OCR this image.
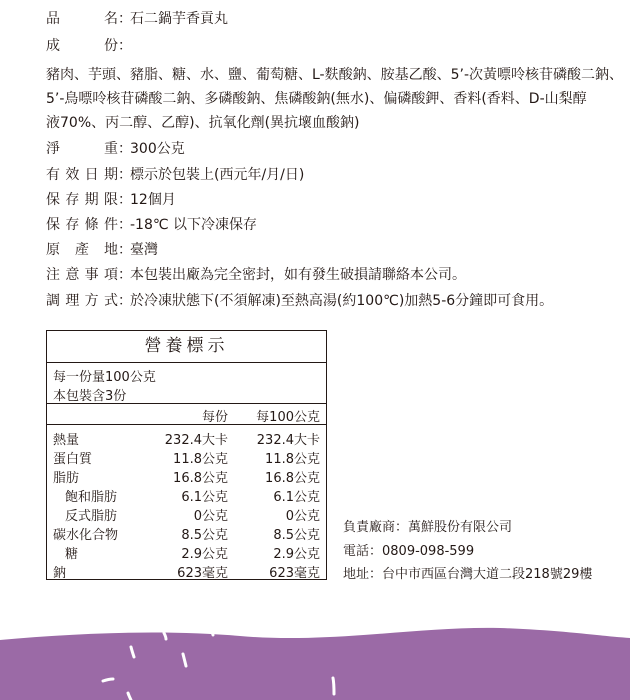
品名：石二鍋芋香貢丸
成份：
豬肉、芋頭、豬脂、糖、水、鹽、葡萄糖、L-麩酸鈉、胺基乙酸、5’-次黃嘌呤核苷磷酸二鈉、
5’-鳥嘌呤核苷磷酸二鈉、多磷酸鈉、焦磷酸鈉(無水)、偏磷酸鉀、香料(香料、D-山梨醇
液70%、丙二醇、乙醇)、抗氧化劑(異抗壞血酸鈉)
淨重：300公克
有效日期：標示於包裝上(西元年/月/日)
保存期限：12個月
保存條件：-18℃ 以下冷凍保存
原產地：臺灣
注意事項：本包裝出廠為完全密封，如有發生破損請聯絡本公司。
調理方式：於冷凍狀態下(不須解凍)至熱高湯(約100℃)加熱5-6分鐘即可食用。
營養標示
每一份量100公克
本包裝含3份
每份 每100公克
熱量	232.4大卡 232.4大卡
蛋白質	11.8公克	11.8公克
脂肪	16.8公克	16.8公克
飽和脂肪	6.1公克	6.1公克
反式脂肪	0公克	0公克
碳水化合物	8.5公克	8.5公克
糖	2.9公克	2.9公克
鈉	623毫克	623毫克
負責廠商：萬鮮股份有限公司
電話：0809-098-599
地址：台中市西區台灣大道二段218號29樓
